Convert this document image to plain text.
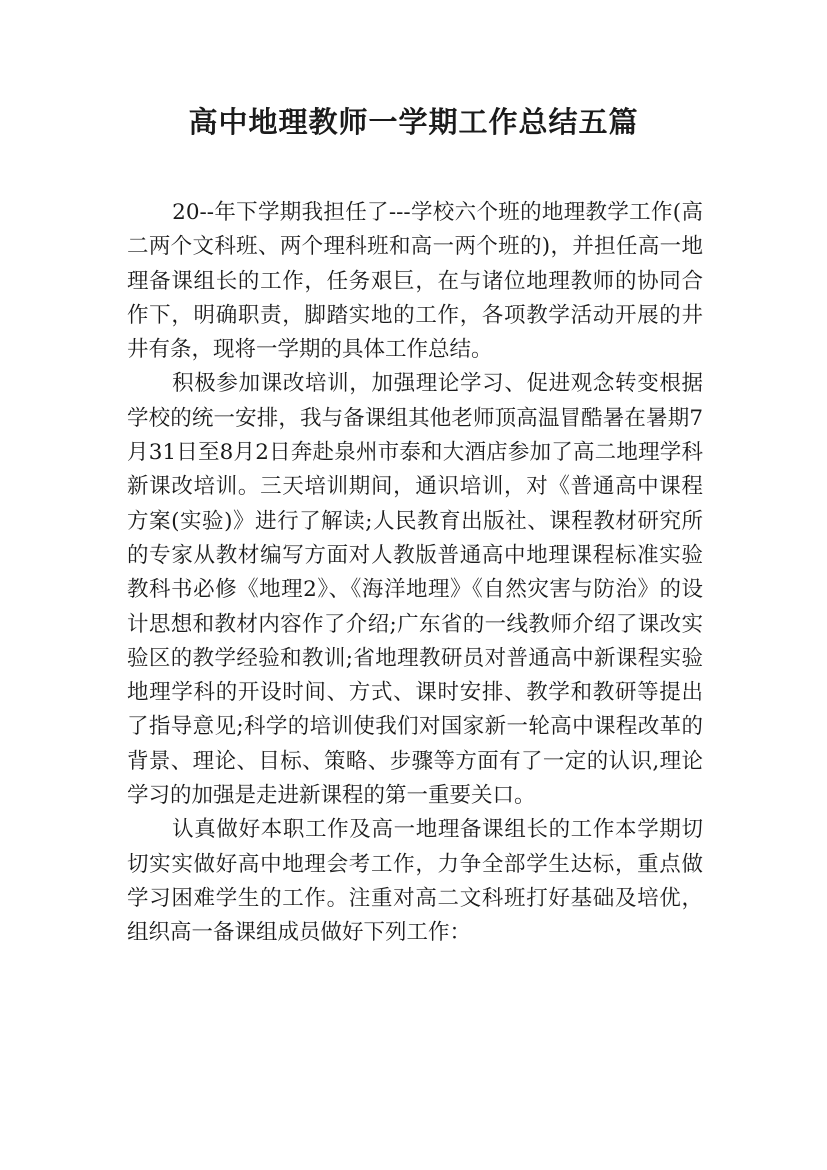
高中地理教师一学期工作总结五篇

20--年下学期我担任了---学校六个班的地理教学工作(高二两个文科班、两个理科班和高一两个班的)，并担任高一地理备课组长的工作，任务艰巨，在与诸位地理教师的协同合作下，明确职责，脚踏实地的工作，各项教学活动开展的井井有条，现将一学期的具体工作总结。

积极参加课改培训，加强理论学习、促进观念转变根据学校的统一安排，我与备课组其他老师顶高温冒酷暑在暑期7月31日至8月2日奔赴泉州市泰和大酒店参加了高二地理学科新课改培训。三天培训期间，通识培训，对《普通高中课程方案(实验)》进行了解读;人民教育出版社、课程教材研究所的专家从教材编写方面对人教版普通高中地理课程标准实验教科书必修《地理2》、《海洋地理》《自然灾害与防治》的设计思想和教材内容作了介绍;广东省的一线教师介绍了课改实验区的教学经验和教训;省地理教研员对普通高中新课程实验地理学科的开设时间、方式、课时安排、教学和教研等提出了指导意见;科学的培训使我们对国家新一轮高中课程改革的背景、理论、目标、策略、步骤等方面有了一定的认识,理论学习的加强是走进新课程的第一重要关口。

认真做好本职工作及高一地理备课组长的工作本学期切切实实做好高中地理会考工作，力争全部学生达标，重点做学习困难学生的工作。注重对高二文科班打好基础及培优，组织高一备课组成员做好下列工作：
